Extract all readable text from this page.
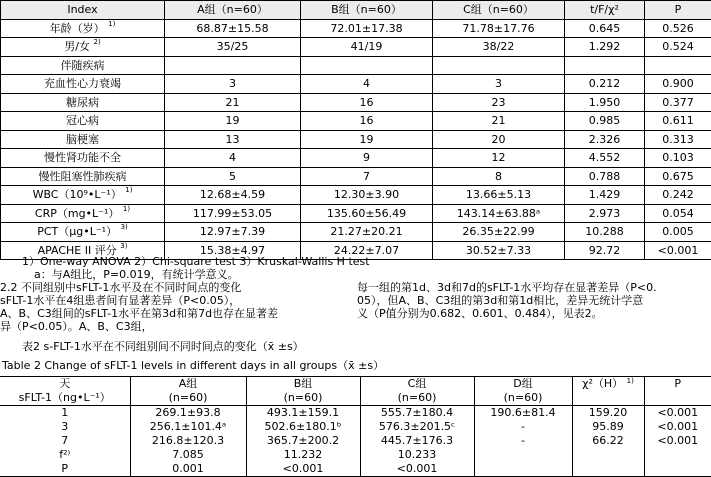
Index	A组（n=60）	B组（n=60）	C组（n=60）	t/F/χ²	P
年龄（岁） $^{1)}$	68.87±15.58	72.01±17.38	71.78±17.76	0.645	0.526
男/女 $^{2)}$	35/25	41/19	38/22	1.292	0.524
伴随疾病					
充血性心力衰竭	3	4	3	0.212	0.900
糖尿病	21	16	23	1.950	0.377
冠心病	19	16	21	0.985	0.611
脑梗塞	13	19	20	2.326	0.313
慢性肾功能不全	4	9	12	4.552	0.103
慢性阻塞性肺疾病	5	7	8	0.788	0.675
WBC（10⁹•L⁻¹） $^{1)}$	12.68±4.59	12.30±3.90	13.66±5.13	1.429	0.242
CRP（mg•L⁻¹） $^{1)}$	117.99±53.05	135.60±56.49	143.14±63.88ᵃ	2.973	0.054
PCT（μg•L⁻¹） $^{3)}$	12.97±7.39	21.27±20.21	26.35±22.99	10.288	0.005
APACHE II 评分 $^{3)}$	15.38±4.97	24.22±7.07	30.52±7.33	92.72	<0.001
1）One-way ANOVA 2）Chi-square test 3）Kruskal-Wallis H test
a：与A组比，P=0.019，有统计学意义。
2.2 不同组别中sFLT-1水平及在不同时间点的变化
sFLT-1水平在4组患者间有显著差异（P<0.05），
A、B、C3组间的sFLT-1水平在第3d和第7d也存在显著差
异（P<0.05）。A、B、C3组，
每一组的第1d、3d和7d的sFLT-1水平均存在显著差异（P<0.
05），但A、B、C3组的第3d和第1d相比，差异无统计学意
义（P值分别为0.682、0.601、0.484），见表2。
表2 s-FLT-1水平在不同组别间不同时间点的变化（x̄ ±s）
Table 2 Change of sFLT-1 levels in different days in all groups（x̄ ±s）
天	A组	B组	C组	D组	χ²（H） $^{1)}$	P
sFLT-1（ng•L⁻¹）	(n=60)	(n=60)	(n=60)	(n=60)		
1	269.1±93.8	493.1±159.1	555.7±180.4	190.6±81.4	159.20	<0.001
3	256.1±101.4ᵃ	502.6±180.1ᵇ	576.3±201.5ᶜ	-	95.89	<0.001
7	216.8±120.3	365.7±200.2	445.7±176.3	-	66.22	<0.001
f²⁾	7.085	11.232	10.233			
P	0.001	<0.001	<0.001			
